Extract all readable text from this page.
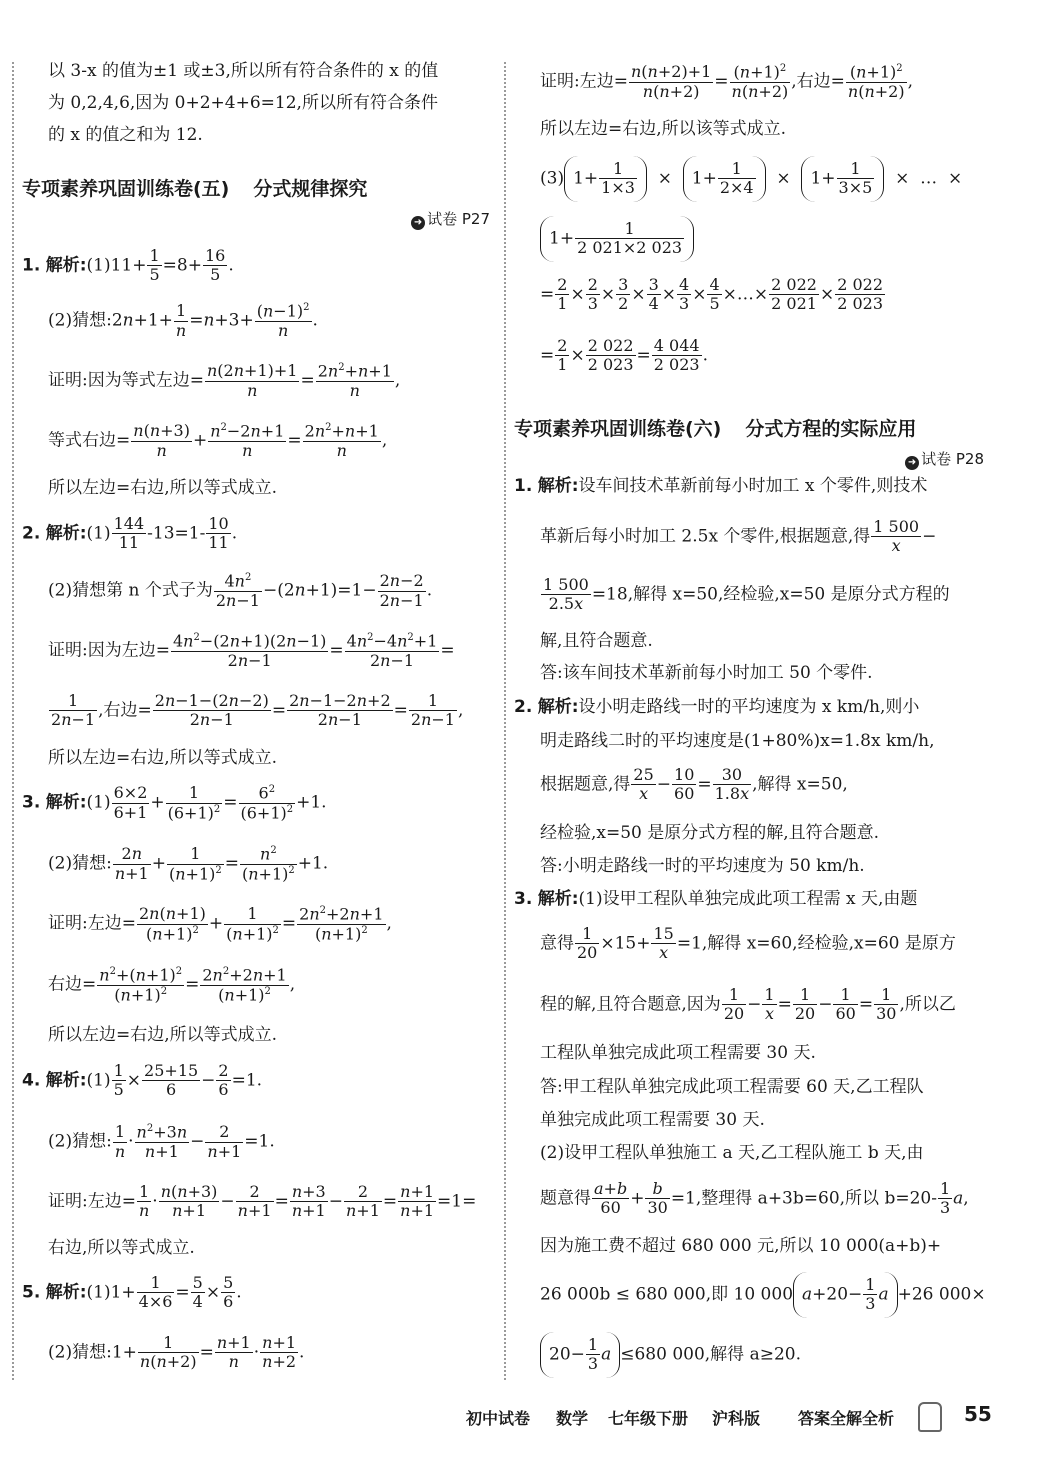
以 3-x 的值为±1 或±3,所以所有符合条件的 x 的值
为 0,2,4,6,因为 0+2+4+6=12,所以所有符合条件
的 x 的值之和为 12.
专项素养巩固训练卷(五) 分式规律探究
➜ 试卷 P27
1. 解析:(1)11+ $\frac{1}{5} =8+ \frac{16}{5}$ .
(2)猜想:2n+1+ $\frac{1}{n} =n+3+ \frac{(n-1)^2}{n}$ .
证明:因为等式左边= $\frac{n(2n+1)+1}{n} = \frac{2n^2+n+1}{n}$ ,
等式右边= $\frac{n(n+3)}{n} + \frac{n^2-2n+1}{n} = \frac{2n^2+n+1}{n}$ ,
所以左边=右边,所以等式成立.
2. 解析:(1) $\frac{144}{11} -13=1- \frac{10}{11}$ .
(2)猜想第 n 个式子为 $\frac{4n^2}{2n-1} -(2n+1)=1- \frac{2n-2}{2n-1}$ .
证明:因为左边= $\frac{4n^2-(2n+1)(2n-1)}{2n-1} = \frac{4n^2-4n^2+1}{2n-1}$ =
$\frac{1}{2n-1}$ ,右边= $\frac{2n-1-(2n-2)}{2n-1} = \frac{2n-1-2n+2}{2n-1} = \frac{1}{2n-1}$ ,
所以左边=右边,所以等式成立.
3. 解析:(1) $\frac{6\times 2}{6+1} + \frac{1}{(6+1)^2} = \frac{6^2}{(6+1)^2} +1$.
(2)猜想: $\frac{2n}{n+1} + \frac{1}{(n+1)^2} = \frac{n^2}{(n+1)^2} +1$.
证明:左边= $\frac{2n(n+1)}{(n+1)^2} + \frac{1}{(n+1)^2} = \frac{2n^2+2n+1}{(n+1)^2}$ ,
右边= $\frac{n^2+(n+1)^2}{(n+1)^2} = \frac{2n^2+2n+1}{(n+1)^2}$ ,
所以左边=右边,所以等式成立.
4. 解析:(1) $\frac{1}{5} \times \frac{25+15}{6} - \frac{2}{6} =1$.
(2)猜想: $\frac{1}{n} \cdot \frac{n^2+3n}{n+1} - \frac{2}{n+1} =1$.
证明:左边= $\frac{1}{n} \cdot \frac{n(n+3)}{n+1} - \frac{2}{n+1} = \frac{n+3}{n+1} - \frac{2}{n+1} = \frac{n+1}{n+1} =1=$
右边,所以等式成立.
5. 解析:(1)1+ $\frac{1}{4\times 6} = \frac{5}{4} \times \frac{5}{6}$ .
(2)猜想:1+ $\frac{1}{n(n+2)} = \frac{n+1}{n} \cdot \frac{n+1}{n+2}$ .
证明:左边= $\frac{n(n+2)+1}{n(n+2)} = \frac{(n+1)^2}{n(n+2)}$ ,右边= $\frac{(n+1)^2}{n(n+2)}$ ,
所以左边=右边,所以该等式成立.
(3) $1+ \frac{1}{1\times 3} \times 1+ \frac{1}{2\times 4} \times 1+ \frac{1}{3\times 5}$ ×  …  ×
$1+ \frac{1}{2 021\times 2 023}$
= $\frac{2}{1} \times \frac{2}{3} \times \frac{3}{2} \times \frac{3}{4} \times \frac{4}{3} \times \frac{4}{5}$ ×…× $\frac{2 022}{2 021} \times \frac{2 022}{2 023}$
= $\frac{2}{1} \times \frac{2 022}{2 023} = \frac{4 044}{2 023}$ .
专项素养巩固训练卷(六) 分式方程的实际应用
➜ 试卷 P28
1. 解析:设车间技术革新前每小时加工 x 个零件,则技术
革新后每小时加工 2.5x 个零件,根据题意,得 $\frac{1 500}{x}$ −
$\frac{1 500}{2.5x} =18$,解得 x=50,经检验,x=50 是原分式方程的
解,且符合题意.
答:该车间技术革新前每小时加工 50 个零件.
2. 解析:设小明走路线一时的平均速度为 x km/h,则小
明走路线二时的平均速度是(1+80%)x=1.8x km/h,
根据题意,得 $\frac{25}{x} - \frac{10}{60} = \frac{30}{1.8x}$ ,解得 x=50,
经检验,x=50 是原分式方程的解,且符合题意.
答:小明走路线一时的平均速度为 50 km/h.
3. 解析:(1)设甲工程队单独完成此项工程需 x 天,由题
意得 $\frac{1}{20} \times 15+ \frac{15}{x} =1$,解得 x=60,经检验,x=60 是原方
程的解,且符合题意,因为 $\frac{1}{20} - \frac{1}{x} = \frac{1}{20} - \frac{1}{60} = \frac{1}{30}$ ,所以乙
工程队单独完成此项工程需要 30 天.
答:甲工程队单独完成此项工程需要 60 天,乙工程队
单独完成此项工程需要 30 天.
(2)设甲工程队单独施工 a 天,乙工程队施工 b 天,由
题意得 $\frac{a+b}{60} + \frac{b}{30} =1$,整理得 a+3b=60,所以 $b=20- \frac{1}{3} a$,
因为施工费不超过 680 000 元,所以 10 000(a+b)+
26 000b ≤ 680 000,即 10 000 $a+20- \frac{1}{3}$ a +26 000×
$20- \frac{1}{3}$ a ≤680 000,解得 a≥20.
初中试卷 数学 七年级下册 沪科版 答案全解全析	55
